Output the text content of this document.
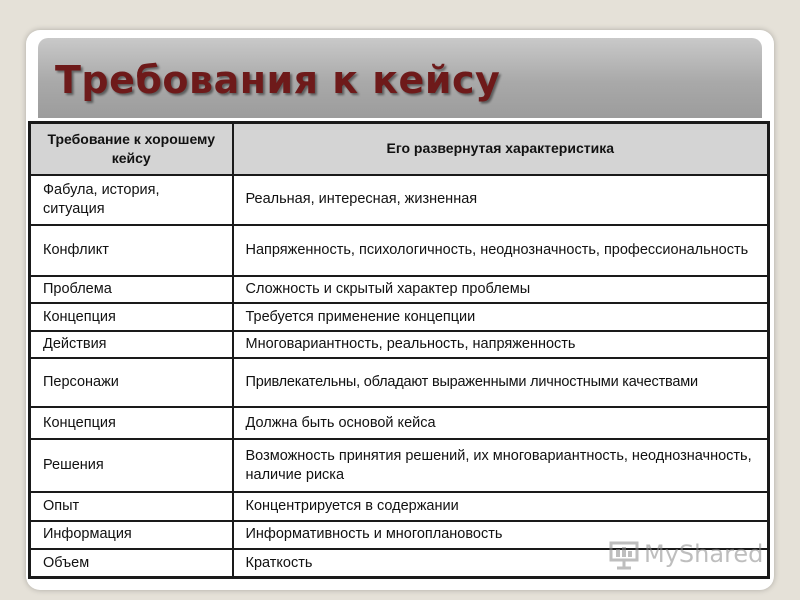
Требования к кейсу
Требование к хорошему кейсу	Его развернутая характеристика
Фабула, история, ситуация	Реальная, интересная, жизненная
Конфликт	Напряженность, психологичность, неоднозначность, профессиональность
Проблема	Сложность и скрытый характер проблемы
Концепция	Требуется применение концепции
Действия	Многовариантность, реальность, напряженность
Персонажи	Привлекательны, обладают выраженными личностными качествами
Концепция	Должна быть основой кейса
Решения	Возможность принятия решений, их многовариантность, неоднозначность, наличие риска
Опыт	Концентрируется в содержании
Информация	Информативность и многоплановость
Объем	Краткость	MyShared
